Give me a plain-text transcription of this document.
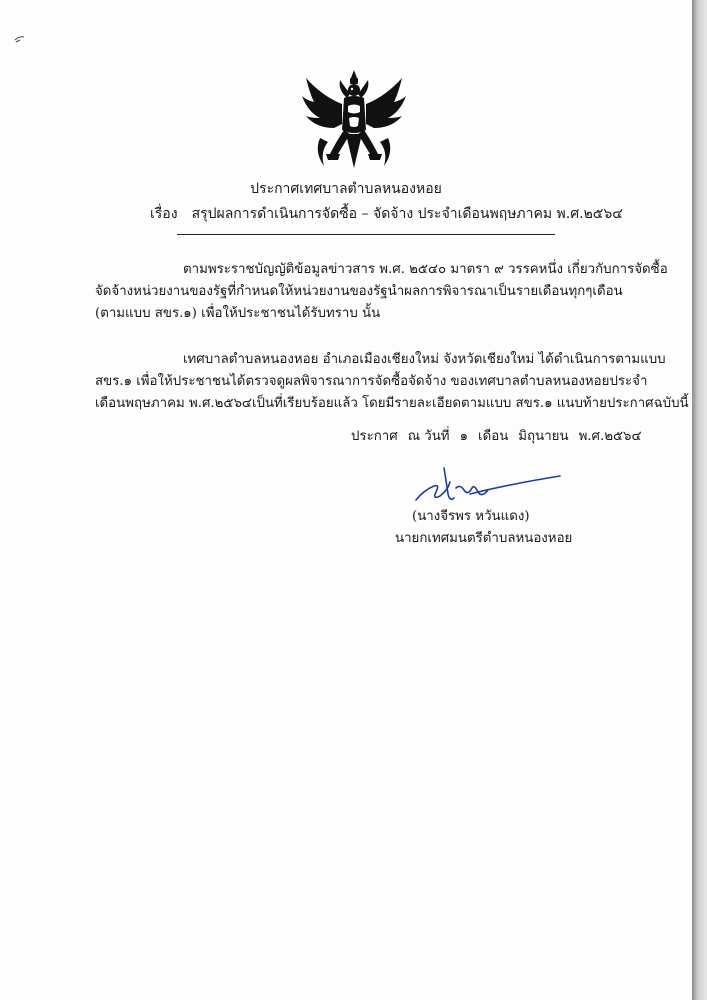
ประกาศเทศบาลตำบลหนองหอย
เรื่อง สรุปผลการดำเนินการจัดซื้อ – จัดจ้าง ประจำเดือนพฤษภาคม พ.ศ.๒๕๖๔
ตามพระราชบัญญัติข้อมูลข่าวสาร พ.ศ. ๒๕๔๐ มาตรา ๙ วรรคหนึ่ง เกี่ยวกับการจัดซื้อ
จัดจ้างหน่วยงานของรัฐที่กำหนดให้หน่วยงานของรัฐนำผลการพิจารณาเป็นรายเดือนทุกๆเดือน
(ตามแบบ สขร.๑) เพื่อให้ประชาชนได้รับทราบ นั้น
เทศบาลตำบลหนองหอย อำเภอเมืองเชียงใหม่ จังหวัดเชียงใหม่ ได้ดำเนินการตามแบบ
สขร.๑ เพื่อให้ประชาชนได้ตรวจดูผลพิจารณาการจัดซื้อจัดจ้าง ของเทศบาลตำบลหนองหอยประจำ
เดือนพฤษภาคม พ.ศ.๒๕๖๔เป็นที่เรียบร้อยแล้ว โดยมีรายละเอียดตามแบบ สขร.๑ แนบท้ายประกาศฉบับนี้
ประกาศ ณ วันที่ ๑ เดือน มิถุนายน พ.ศ.๒๕๖๔
(นางจีรพร หวันแดง)
นายกเทศมนตรีตำบลหนองหอย
